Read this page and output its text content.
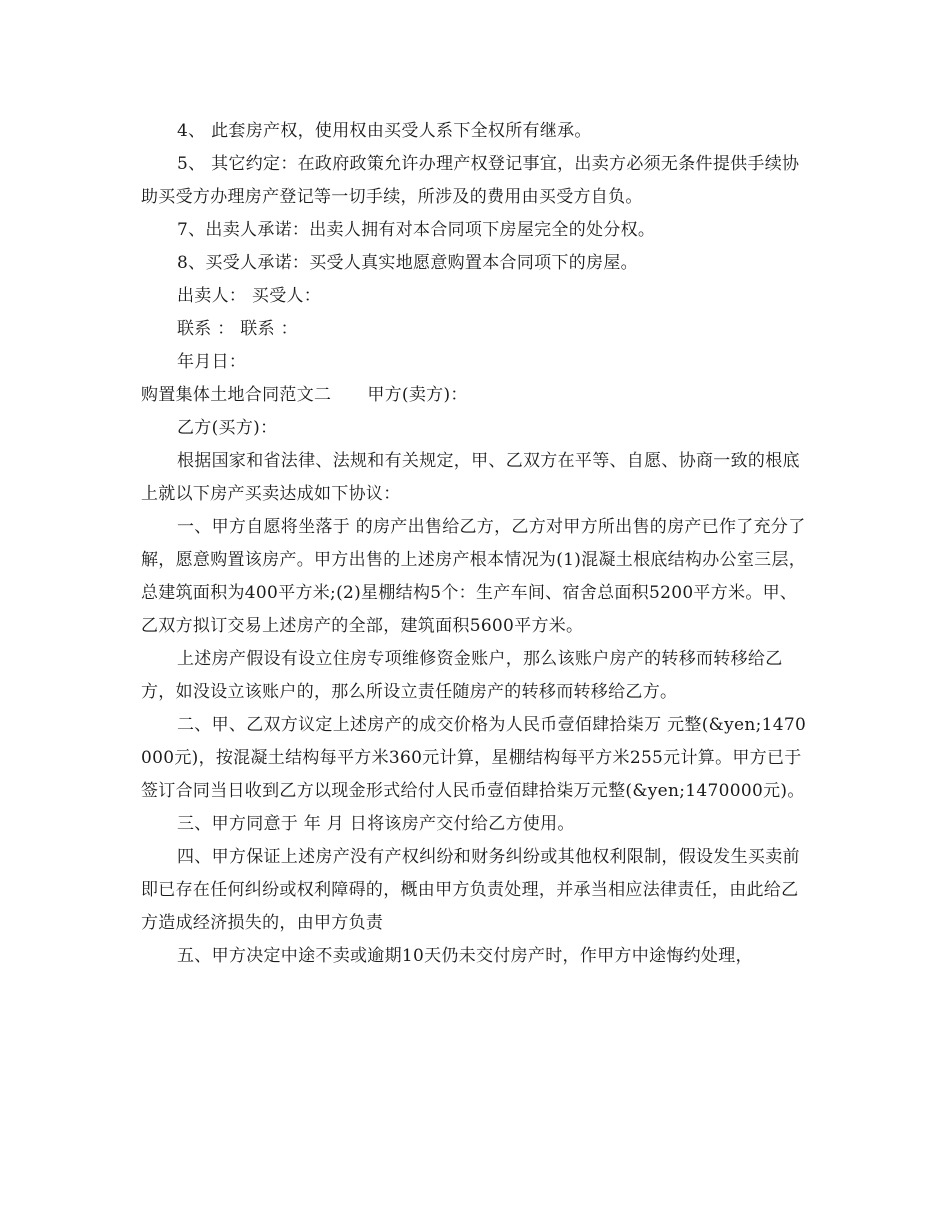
4、 此套房产权，使用权由买受人系下全权所有继承。

5、 其它约定：在政府政策允许办理产权登记事宜，出卖方必须无条件提供手续协助买受方办理房产登记等一切手续，所涉及的费用由买受方自负。

7、出卖人承诺：出卖人拥有对本合同项下房屋完全的处分权。

8、买受人承诺：买受人真实地愿意购置本合同项下的房屋。

出卖人： 买受人：

联系 ： 联系 ：

年月日：

购置集体土地合同范文二 甲方(卖方)：

乙方(买方)：

根据国家和省法律、法规和有关规定，甲、乙双方在平等、自愿、协商一致的根底上就以下房产买卖达成如下协议：

一、甲方自愿将坐落于 的房产出售给乙方，乙方对甲方所出售的房产已作了充分了解，愿意购置该房产。甲方出售的上述房产根本情况为(1)混凝土根底结构办公室三层，总建筑面积为400平方米;(2)星棚结构5个：生产车间、宿舍总面积5200平方米。甲、乙双方拟订交易上述房产的全部，建筑面积5600平方米。

上述房产假设有设立住房专项维修资金账户，那么该账户房产的转移而转移给乙方，如没设立该账户的，那么所设立责任随房产的转移而转移给乙方。

二、甲、乙双方议定上述房产的成交价格为人民币壹佰肆拾柒万 元整(&yen;1470000元)，按混凝土结构每平方米360元计算，星棚结构每平方米255元计算。甲方已于签订合同当日收到乙方以现金形式给付人民币壹佰肆拾柒万元整(&yen;1470000元)。

三、甲方同意于 年 月 日将该房产交付给乙方使用。

四、甲方保证上述房产没有产权纠纷和财务纠纷或其他权利限制，假设发生买卖前即已存在任何纠纷或权利障碍的，概由甲方负责处理，并承当相应法律责任，由此给乙方造成经济损失的，由甲方负责

五、甲方决定中途不卖或逾期10天仍未交付房产时，作甲方中途悔约处理，
